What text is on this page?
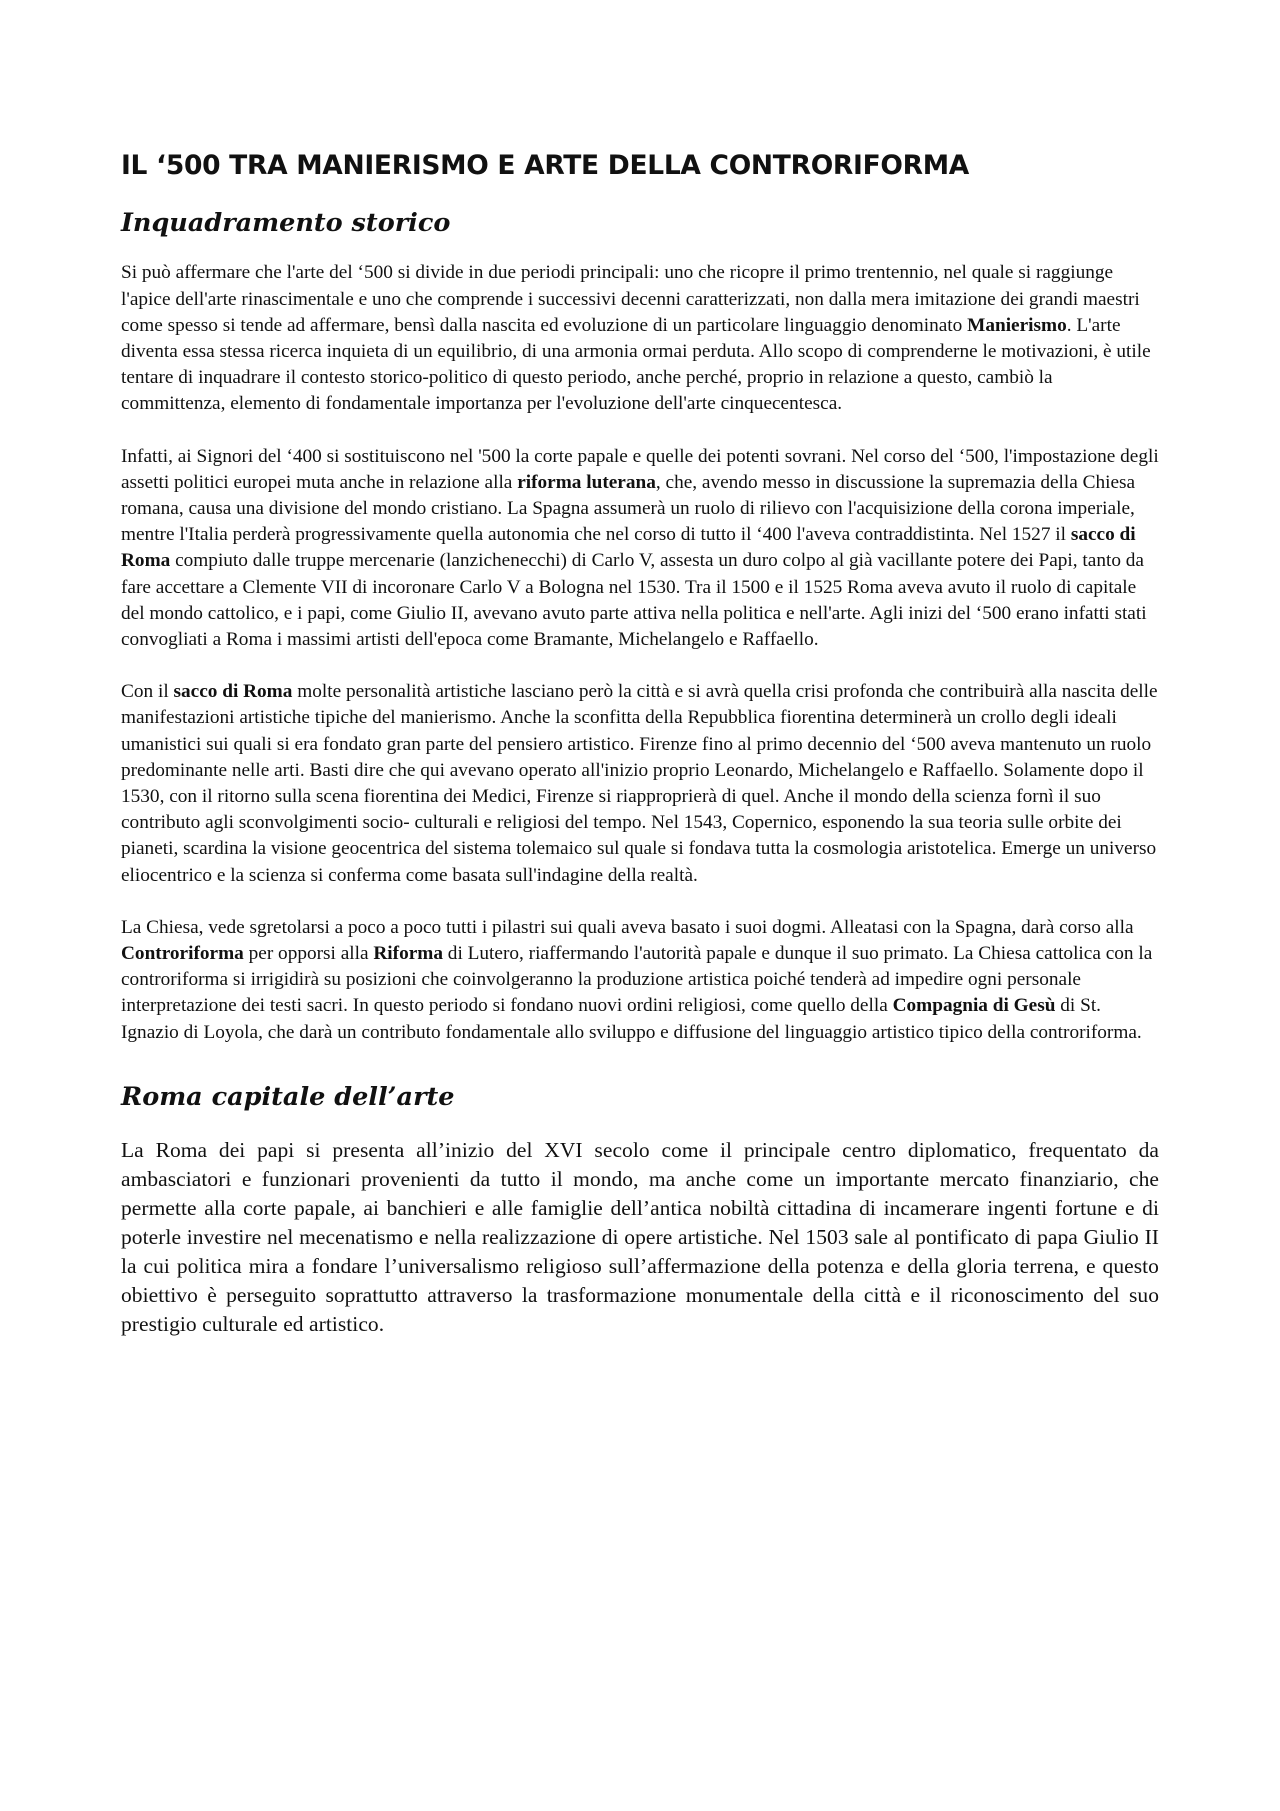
IL ‘500 TRA MANIERISMO E ARTE DELLA CONTRORIFORMA
Inquadramento storico

Si può affermare che l'arte del ‘500 si divide in due periodi principali: uno che ricopre il primo trentennio, nel quale si raggiunge l'apice dell'arte rinascimentale e uno che comprende i successivi decenni caratterizzati, non dalla mera imitazione dei grandi maestri come spesso si tende ad affermare, bensì dalla nascita ed evoluzione di un particolare linguaggio denominato Manierismo. L'arte diventa essa stessa ricerca inquieta di un equilibrio, di una armonia ormai perduta. Allo scopo di comprenderne le motivazioni, è utile tentare di inquadrare il contesto storico-politico di questo periodo, anche perché, proprio in relazione a questo, cambiò la committenza, elemento di fondamentale importanza per l'evoluzione dell'arte cinquecentesca.

Infatti, ai Signori del ‘400 si sostituiscono nel '500 la corte papale e quelle dei potenti sovrani. Nel corso del ‘500, l'impostazione degli assetti politici europei muta anche in relazione alla riforma luterana, che, avendo messo in discussione la supremazia della Chiesa romana, causa una divisione del mondo cristiano. La Spagna assumerà un ruolo di rilievo con l'acquisizione della corona imperiale, mentre l'Italia perderà progressivamente quella autonomia che nel corso di tutto il ‘400 l'aveva contraddistinta. Nel 1527 il sacco di Roma compiuto dalle truppe mercenarie (lanzichenecchi) di Carlo V, assesta un duro colpo al già vacillante potere dei Papi, tanto da fare accettare a Clemente VII di incoronare Carlo V a Bologna nel 1530. Tra il 1500 e il 1525 Roma aveva avuto il ruolo di capitale del mondo cattolico, e i papi, come Giulio II, avevano avuto parte attiva nella politica e nell'arte. Agli inizi del ‘500 erano infatti stati convogliati a Roma i massimi artisti dell'epoca come Bramante, Michelangelo e Raffaello.

Con il sacco di Roma molte personalità artistiche lasciano però la città e si avrà quella crisi profonda che contribuirà alla nascita delle manifestazioni artistiche tipiche del manierismo. Anche la sconfitta della Repubblica fiorentina determinerà un crollo degli ideali umanistici sui quali si era fondato gran parte del pensiero artistico. Firenze fino al primo decennio del ‘500 aveva mantenuto un ruolo predominante nelle arti. Basti dire che qui avevano operato all'inizio proprio Leonardo, Michelangelo e Raffaello. Solamente dopo il 1530, con il ritorno sulla scena fiorentina dei Medici, Firenze si riapproprierà di quel. Anche il mondo della scienza fornì il suo contributo agli sconvolgimenti socio- culturali e religiosi del tempo. Nel 1543, Copernico, esponendo la sua teoria sulle orbite dei pianeti, scardina la visione geocentrica del sistema tolemaico sul quale si fondava tutta la cosmologia aristotelica. Emerge un universo eliocentrico e la scienza si conferma come basata sull'indagine della realtà.

La Chiesa, vede sgretolarsi a poco a poco tutti i pilastri sui quali aveva basato i suoi dogmi. Alleatasi con la Spagna, darà corso alla Controriforma per opporsi alla Riforma di Lutero, riaffermando l'autorità papale e dunque il suo primato. La Chiesa cattolica con la controriforma si irrigidirà su posizioni che coinvolgeranno la produzione artistica poiché tenderà ad impedire ogni personale interpretazione dei testi sacri. In questo periodo si fondano nuovi ordini religiosi, come quello della Compagnia di Gesù di St. Ignazio di Loyola, che darà un contributo fondamentale allo sviluppo e diffusione del linguaggio artistico tipico della controriforma.

Roma capitale dell’arte

La Roma dei papi si presenta all’inizio del XVI secolo come il principale centro diplomatico, frequentato da ambasciatori e funzionari provenienti da tutto il mondo, ma anche come un importante mercato finanziario, che permette alla corte papale, ai banchieri e alle famiglie dell’antica nobiltà cittadina di incamerare ingenti fortune e di poterle investire nel mecenatismo e nella realizzazione di opere artistiche. Nel 1503 sale al pontificato di papa Giulio II la cui politica mira a fondare l’universalismo religioso sull’affermazione della potenza e della gloria terrena, e questo obiettivo è perseguito soprattutto attraverso la trasformazione monumentale della città e il riconoscimento del suo prestigio culturale ed artistico.
